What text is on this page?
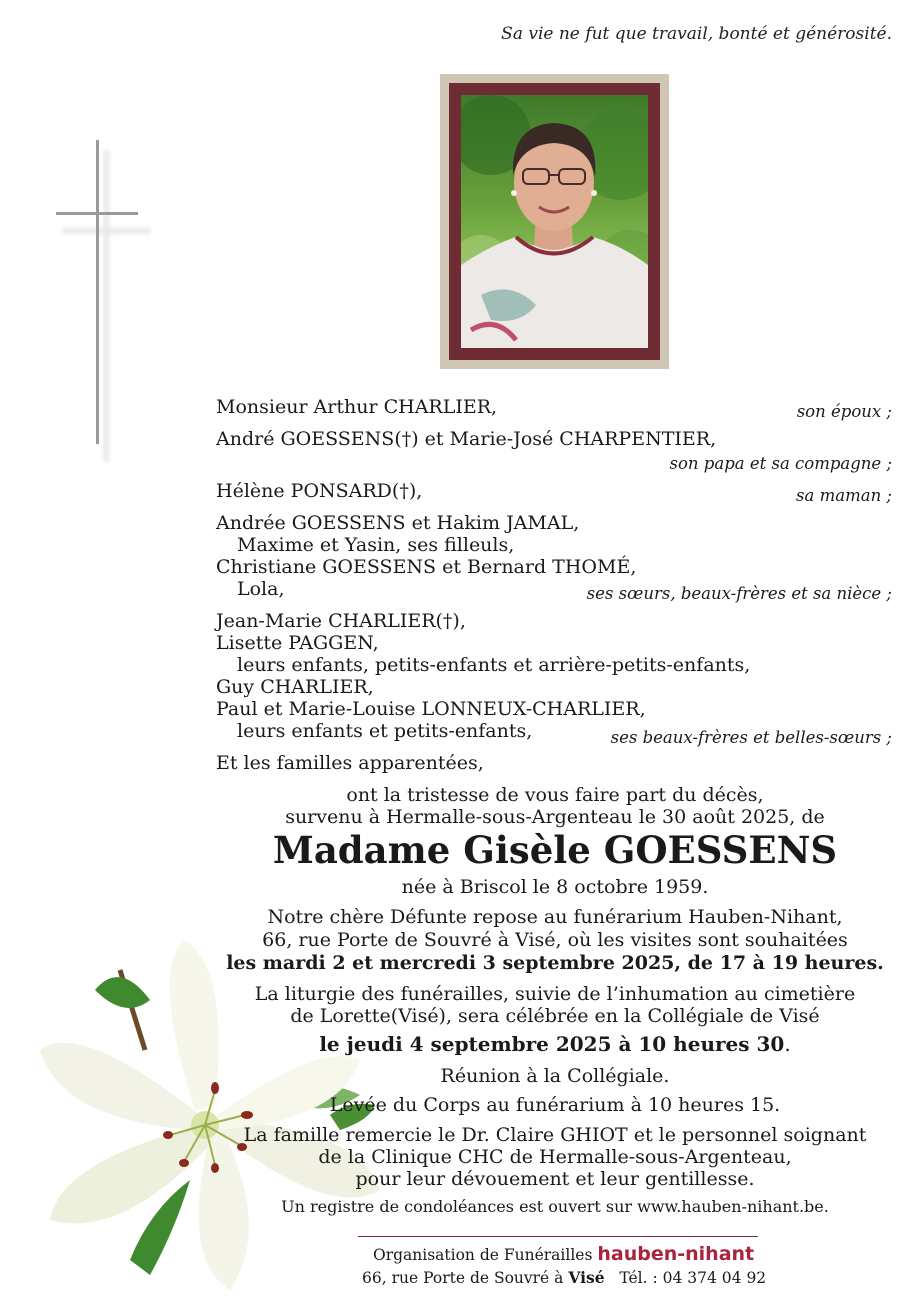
Sa vie ne fut que travail, bonté et générosité.
Monsieur Arthur CHARLIER,
André GOESSENS(†) et Marie-José CHARPENTIER,
Hélène PONSARD(†),
Andrée GOESSENS et Hakim JAMAL,
Maxime et Yasin, ses filleuls,
Christiane GOESSENS et Bernard THOMÉ,
Lola,
Jean-Marie CHARLIER(†),
Lisette PAGGEN,
leurs enfants, petits-enfants et arrière-petits-enfants,
Guy CHARLIER,
Paul et Marie-Louise LONNEUX-CHARLIER,
leurs enfants et petits-enfants,
Et les familles apparentées,
son époux ;
son papa et sa compagne ;
sa maman ;
ses sœurs, beaux-frères et sa nièce ;
ses beaux-frères et belles-sœurs ;
ont la tristesse de vous faire part du décès,
survenu à Hermalle-sous-Argenteau le 30 août 2025, de
Madame Gisèle GOESSENS
née à Briscol le 8 octobre 1959.
Notre chère Défunte repose au funérarium Hauben-Nihant,
66, rue Porte de Souvré à Visé, où les visites sont souhaitées
les mardi 2 et mercredi 3 septembre 2025, de 17 à 19 heures.
La liturgie des funérailles, suivie de l’inhumation au cimetière
de Lorette(Visé), sera célébrée en la Collégiale de Visé
le jeudi 4 septembre 2025 à 10 heures 30.
Réunion à la Collégiale.
Levée du Corps au funérarium à 10 heures 15.
La famille remercie le Dr. Claire GHIOT et le personnel soignant
de la Clinique CHC de Hermalle-sous-Argenteau,
pour leur dévouement et leur gentillesse.
Un registre de condoléances est ouvert sur www.hauben-nihant.be.
Organisation de Funérailles hauben-nihant
66, rue Porte de Souvré à Visé Tél. : 04 374 04 92
